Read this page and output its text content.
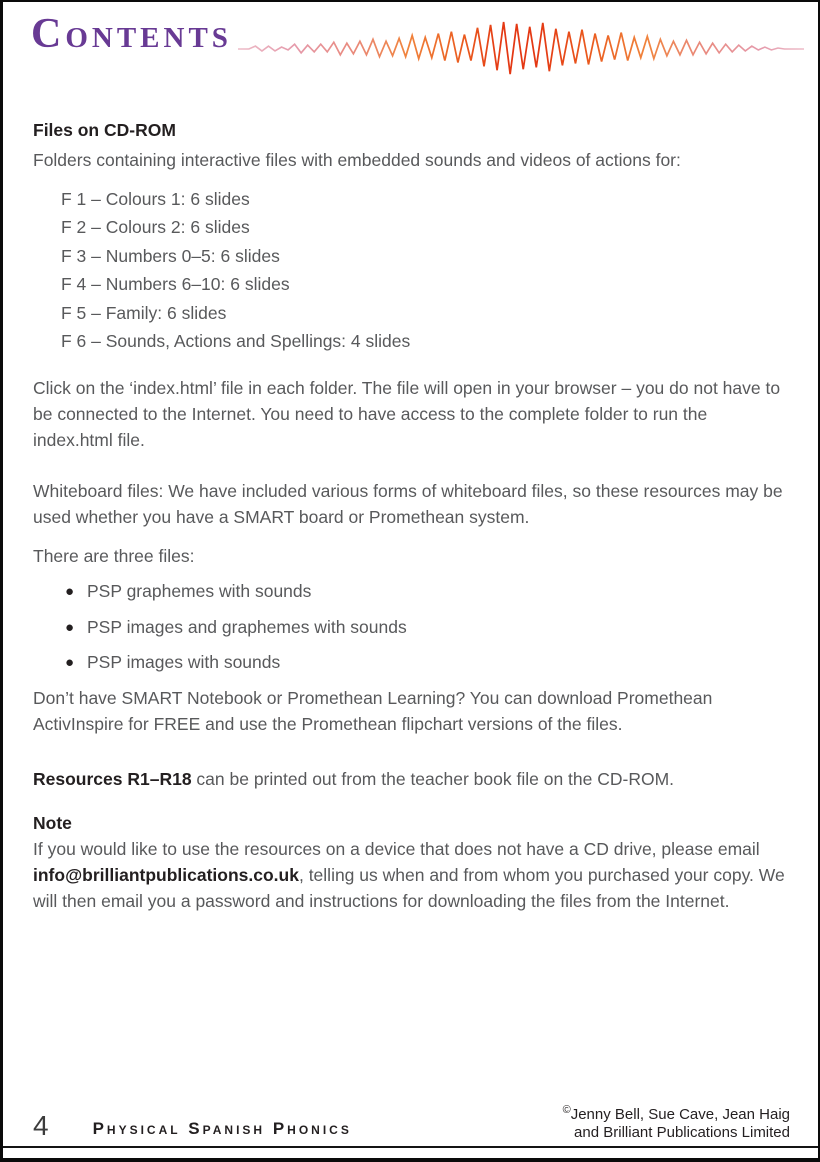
Contents
Files on CD-ROM
Folders containing interactive files with embedded sounds and videos of actions for:
F 1 – Colours 1: 6 slides
F 2 – Colours 2: 6 slides
F 3 – Numbers 0–5: 6 slides
F 4 – Numbers 6–10: 6 slides
F 5 – Family: 6 slides
F 6 – Sounds, Actions and Spellings: 4 slides
Click on the ‘index.html’ file in each folder. The file will open in your browser – you do not have to be connected to the Internet. You need to have access to the complete folder to run the index.html file.
Whiteboard files: We have included various forms of whiteboard files, so these resources may be used whether you have a SMART board or Promethean system.
There are three files:
● PSP graphemes with sounds
● PSP images and graphemes with sounds
● PSP images with sounds
Don’t have SMART Notebook or Promethean Learning? You can download Promethean ActivInspire for FREE and use the Promethean flipchart versions of the files.
Resources R1–R18 can be printed out from the teacher book file on the CD-ROM.
Note
If you would like to use the resources on a device that does not have a CD drive, please email info@brilliantpublications.co.uk, telling us when and from whom you purchased your copy. We will then email you a password and instructions for downloading the files from the Internet.
4	Physical Spanish Phonics
©Jenny Bell, Sue Cave, Jean Haig
and Brilliant Publications Limited
